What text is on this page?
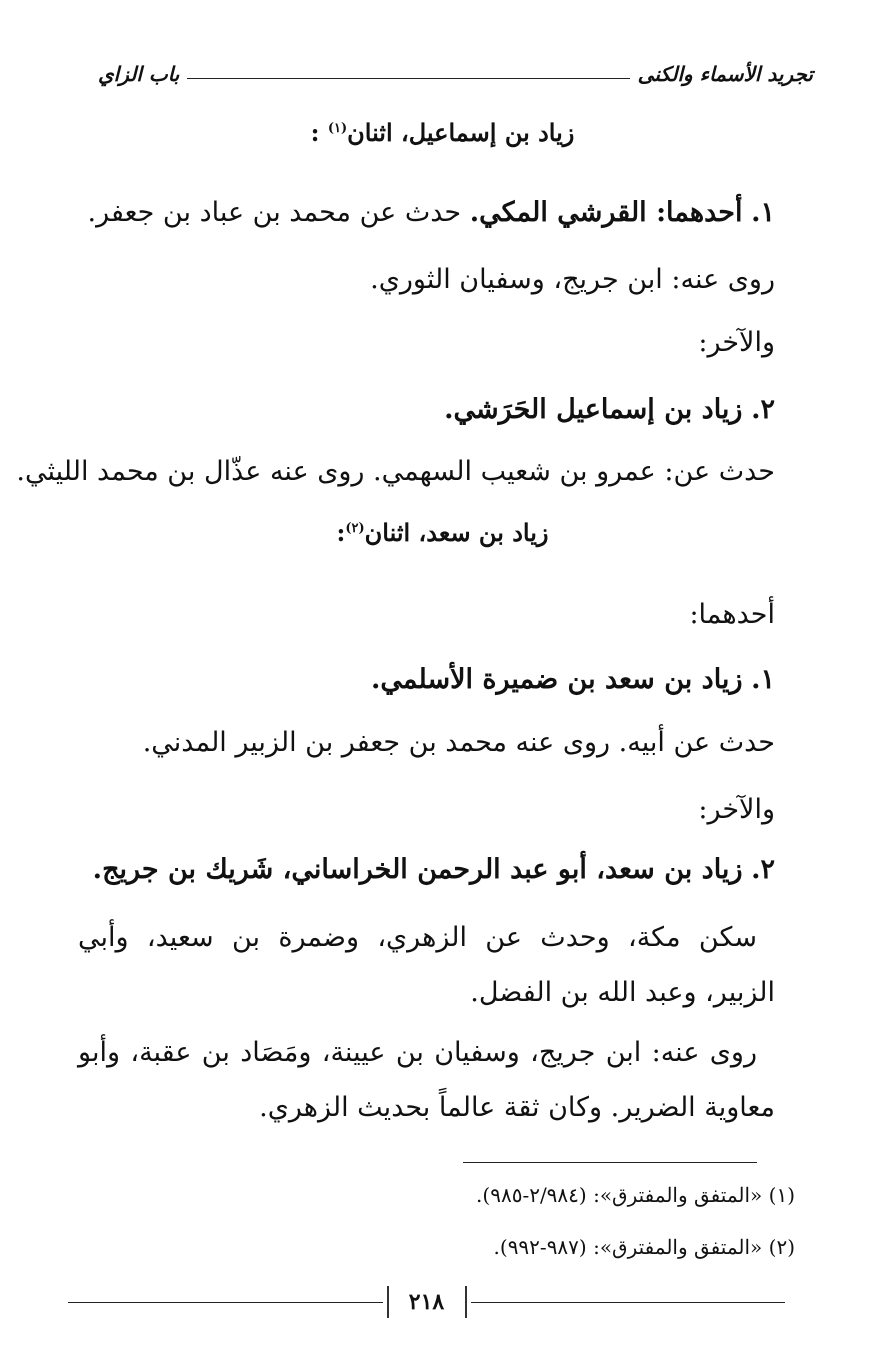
تجريد الأسماء والكنى
باب الزاي
زياد بن إسماعيل، اثنان$^{(١)}$ :
١. أحدهما: القرشي المكي. حدث عن محمد بن عباد بن جعفر.
روى عنه: ابن جريج، وسفيان الثوري.
والآخر:
٢. زياد بن إسماعيل الحَرَشي.
حدث عن: عمرو بن شعيب السهمي. روى عنه عذّال بن محمد الليثي.
زياد بن سعد، اثنان$^{(٢)}$:
أحدهما:
١. زياد بن سعد بن ضميرة الأسلمي.
حدث عن أبيه. روى عنه محمد بن جعفر بن الزبير المدني.
والآخر:
٢. زياد بن سعد، أبو عبد الرحمن الخراساني، شَريك بن جريج.
سكن مكة، وحدث عن الزهري، وضمرة بن سعيد، وأبي الزبير، وعبد الله بن الفضل.
روى عنه: ابن جريج، وسفيان بن عيينة، ومَصَاد بن عقبة، وأبو معاوية الضرير. وكان ثقة عالماً بحديث الزهري.
(١) «المتفق والمفترق»: (٢/٩٨٤-٩٨٥).
(٢) «المتفق والمفترق»: (٩٨٧-٩٩٢).
٢١٨
